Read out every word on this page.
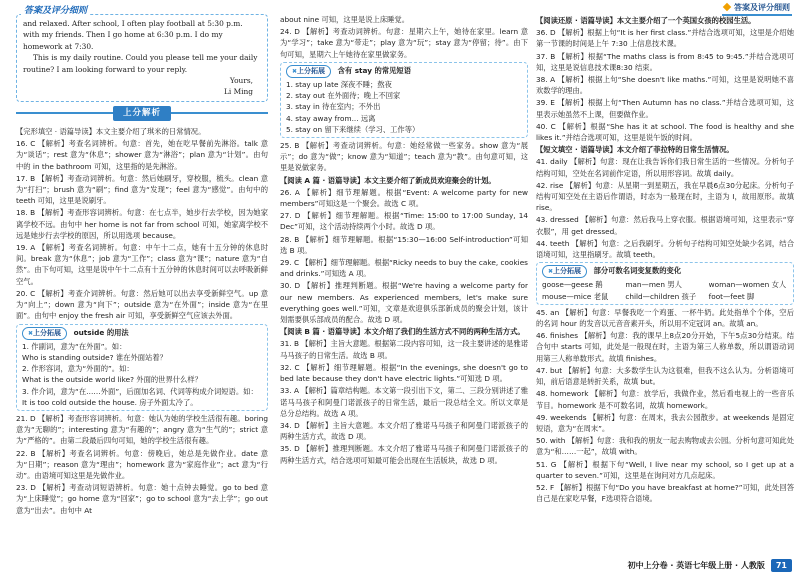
答案及评分细则
答案及评分细则

and relaxed. After school, I often play football at 5:30 p.m. with my friends. Then I go home at 6:30 p.m. I do my homework at 7:30.

This is my daily routine. Could you please tell me your daily routine? I am looking forward to your reply.

Yours,
Li Ming
上分解析
【完形填空 · 语篇导读】本文主要介绍了琪米的日常情况。
16. C 【解析】考查名词辨析。句意：首先，她在吃早餐前先淋浴。talk 意为“谈话”；rest 意为“休息”；shower 意为“淋浴”；plan 意为“计划”。由句中的 in the bathroom 可知，这里指的是先淋浴。
17. B 【解析】考查动词辨析。句意：然后她刷牙，穿校服，梳头。clean 意为“打扫”；brush 意为“刷”；find 意为“发现”；feel 意为“感觉”。由句中的 teeth 可知，这里是说刷牙。
18. B 【解析】考查形容词辨析。句意：在七点半，她步行去学校，因为她家离学校不远。由句中 her home is not far from school 可知，她家离学校不远是她步行去学校的原因，所以用选项 because。
19. A 【解析】考查名词辨析。句意：中午十二点，她有十五分钟的休息时间。break 意为“休息”；job 意为“工作”；class 意为“课”；nature 意为“自然”。由下句可知，这里是说中午十二点有十五分钟的休息时间可以去呼吸新鲜空气。
20. C 【解析】考查介词辨析。句意：然后她可以出去享受新鲜空气。up 意为“向上”；down 意为“向下”；outside 意为“在外面”；inside 意为“在里面”。由句中 enjoy the fresh air 可知，享受新鲜空气应该去外面。
✖ 上分拓展 outside 的用法
1. 作副词，意为“在外面”。如：
Who is standing outside? 谁在外面站着？
2. 作形容词，意为“外面的”。如：
What is the outside world like? 外面的世界什么样？
3. 作介词，意为“在……外面”，后面加名词、代词等构成介词短语。如：
It is too cold outside the house. 房子外面太冷了。
21. D 【解析】考查形容词辨析。句意：她认为她的学校生活很有趣。boring 意为“无聊的”；interesting 意为“有趣的”；angry 意为“生气的”；strict 意为“严格的”。由第二段最后四句可知，她的学校生活很有趣。
22. B 【解析】考查名词辨析。句意：傍晚后，她总是先做作业。date 意为“日期”；reason 意为“理由”；homework 意为“家庭作业”；act 意为“行动”。由语境可知这里是先做作业。
23. D 【解析】考查动词短语辨析。句意：她十点钟去睡觉。go to bed 意为“上床睡觉”；go home 意为“回家”；go to school 意为“去上学”；go out 意为“出去”。由句中 At
about nine 可知，这里是说上床睡觉。
24. D 【解析】考查动词辨析。句意：星期六上午，她待在家里。learn 意为“学习”；take 意为“带走”；play 意为“玩”；stay 意为“停留；待”。由下句可知，星期六上午她待在家里做家务。
✖ 上分拓展 含有 stay 的常见短语
1. stay up late 深夜不睡；熬夜
2. stay out 在外面待；晚上不回家
3. stay in 待在室内；不外出
4. stay away from... 远离
5. stay on 留下来继续（学习、工作等）
25. B 【解析】考查动词辨析。句意：她经常做一些家务。show 意为“展示”；do 意为“做”；know 意为“知道”；teach 意为“教”。由句意可知，这里是说做家务。
【阅读 A 篇 · 语篇导读】本文主要介绍了新成员欢迎聚会的计划。
26. A 【解析】细节理解题。根据“Event: A welcome party for new members”可知这是一个聚会。故选 C 项。
27. D 【解析】细节理解题。根据“Time: 15:00 to 17:00 Sunday, 14 Dec”可知，这个活动持续两个小时。故选 D 项。
28. B 【解析】细节理解题。根据“15:30—16:00 Self-introduction”可知选 B 项。
29. C 【解析】细节理解题。根据“Ricky needs to buy the cake, cookies and drinks.”可知选 A 项。
30. D 【解析】推理判断题。根据“We're having a welcome party for our new members. As experienced members, let's make sure everything goes well.”可知，文章是欢迎俱乐部新成员的聚会计划，该计划需要俱乐部成员的配合。故选 D 项。
【阅读 B 篇 · 语篇导读】本文介绍了我们的生活方式不同的两种生活方式。
31. B 【解析】主旨大意题。根据第二段内容可知，这一段主要讲述的是雅诺马马孩子的日常生活。故选 B 项。
32. C 【解析】细节理解题。根据“In the evenings, she doesn't go to bed late because they don't have electric lights.”可知选 D 项。
33. A 【解析】篇章结构题。本文第一段引出下文，第二、三段分别讲述了雅诺马马孩子和阿曼门诺派孩子的日常生活，最后一段总结全文。所以文章是总分总结构。故选 A 项。
34. D 【解析】主旨大意题。本文介绍了雅诺马马孩子和阿曼门诺派孩子的两种生活方式，故选 D 项。
35. D 【解析】推理判断题。本文介绍了雅诺马马孩子和阿曼门诺派孩子的两种生活方式，结合选项可知最可能会出现在生活版块，故选 D 项。
【阅读还原 · 语篇导读】本文主要介绍了一个英国女孩的校园生活。
36. D 【解析】根据上句“It is her first class.”并结合选项可知，这里是介绍她第一节课的时间是上午 7:30 上信息技术课。
37. B 【解析】根据“The maths class is from 8:45 to 9:45.”并结合选项可知，这里是说信息技术课8:30 结束。
38. A 【解析】根据上句“She doesn't like maths.”可知，这里是说明她不喜欢数学的理由。
39. E 【解析】根据上句“Then Autumn has no class.”并结合选项可知，这里表示她虽然不上课，但要做作业。
40. C 【解析】根据“She has it at school. The food is healthy and she likes it.”并结合选项可知，这里是说午饭的时间。
【短文填空 · 语篇导读】本文介绍了菲拉特的日常生活情况。
41. daily 【解析】句意：现在让我告诉你们我日常生活的一些情况。分析句子结构可知，空处在名词前作定语，所以用形容词。故填 daily。
42. rise 【解析】句意：从星期一到星期五，我在早晨6点30分起床。分析句子结构可知空处在主语后作谓语，时态为一般现在时，主语为 I，故用原形。故填 rise。
43. dressed 【解析】句意：然后我马上穿衣服。根据语境可知，这里表示“穿衣服”，用 get dressed。
44. teeth 【解析】句意：之后我刷牙。分析句子结构可知空处缺少名词，结合语境可知，这里指刷牙。故填 teeth。
✖ 上分拓展 部分可数名词变复数的变化
goose—geese 鹅	man—men 男人	woman—women 女人
mouse—mice 老鼠	child—children 孩子	foot—feet 脚
45. an 【解析】句意：早餐我吃一个鸡蛋、一杯牛奶。此处指单个个体，空后的名词 hour 的发音以元音音素开头，所以用不定冠词 an。故填 an。
46. finishes 【解析】句意：我的课早上8点20分开始，下午5点30分结束。结合句中 starts 可知，此处是一般现在时，主语为第三人称单数，所以谓语动词用第三人称单数形式。故填 finishes。
47. but 【解析】句意：大多数学生认为这很难，但我不这么认为。分析语境可知，前后语意是转折关系，故填 but。
48. homework 【解析】句意：放学后，我做作业，然后看电视上的一些音乐节目。homework 是不可数名词，故填 homework。
49. weekends 【解析】句意：在周末，我去公园散步。at weekends 是固定短语，意为“在周末”。
50. with 【解析】句意：我和我的朋友一起去购物或去公园。分析句意可知此处意为“和……一起”，故填 with。
51. G 【解析】根据下句“Well, I live near my school, so I get up at a quarter to seven.”可知，这里是在询问对方几点起床。
52. F 【解析】根据下句“Do you have breakfast at home?”可知，此处回答自己是在家吃早餐，F选项符合语境。
初中上分卷 · 英语七年级上册 · 人教版	71
